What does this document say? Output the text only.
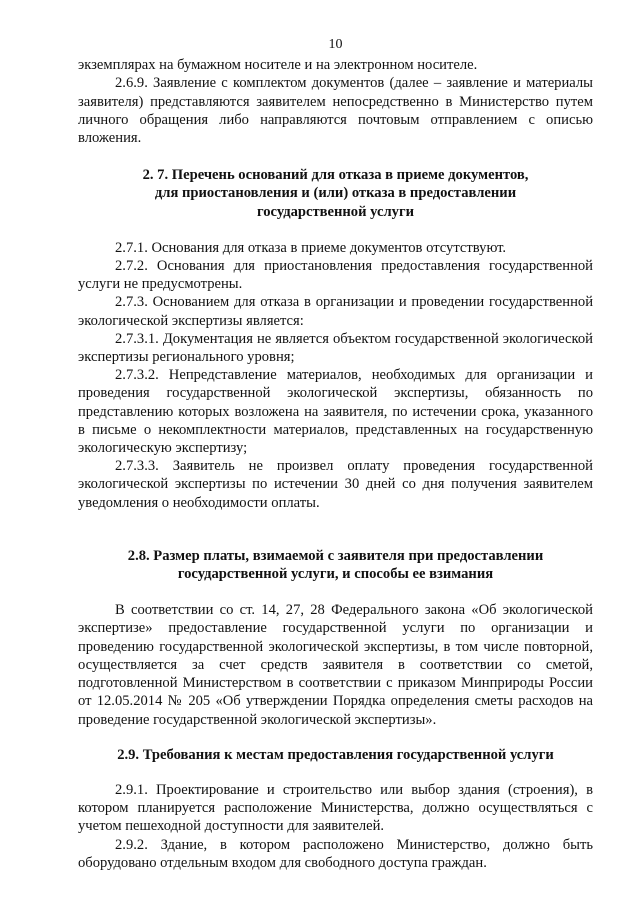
10

экземплярах на бумажном носителе и на электронном носителе.

2.6.9. Заявление с комплектом документов (далее – заявление и материалы заявителя) представляются заявителем непосредственно в Министерство путем личного обращения либо направляются почтовым отправлением с описью вложения.

2. 7. Перечень оснований для отказа в приеме документов,
для приостановления и (или) отказа в предоставлении
государственной услуги

2.7.1. Основания для отказа в приеме документов отсутствуют.

2.7.2. Основания для приостановления предоставления государственной услуги не предусмотрены.

2.7.3. Основанием для отказа в организации и проведении государственной экологической экспертизы является:

2.7.3.1. Документация не является объектом государственной экологической экспертизы регионального уровня;

2.7.3.2. Непредставление материалов, необходимых для организации и проведения государственной экологической экспертизы, обязанность по представлению которых возложена на заявителя, по истечении срока, указанного в письме о некомплектности материалов, представленных на государственную экологическую экспертизу;

2.7.3.3. Заявитель не произвел оплату проведения государственной экологической экспертизы по истечении 30 дней со дня получения заявителем уведомления о необходимости оплаты.

2.8. Размер платы, взимаемой с заявителя при предоставлении
государственной услуги, и способы ее взимания

В соответствии со ст. 14, 27, 28 Федерального закона «Об экологической экспертизе» предоставление государственной услуги по организации и проведению государственной экологической экспертизы, в том числе повторной, осуществляется за счет средств заявителя в соответствии со сметой, подготовленной Министерством в соответствии с приказом Минприроды России от 12.05.2014 № 205 «Об утверждении Порядка определения сметы расходов на проведение государственной экологической экспертизы».

2.9. Требования к местам предоставления государственной услуги

2.9.1. Проектирование и строительство или выбор здания (строения), в котором планируется расположение Министерства, должно осуществляться с учетом пешеходной доступности для заявителей.

2.9.2. Здание, в котором расположено Министерство, должно быть оборудовано отдельным входом для свободного доступа граждан.
